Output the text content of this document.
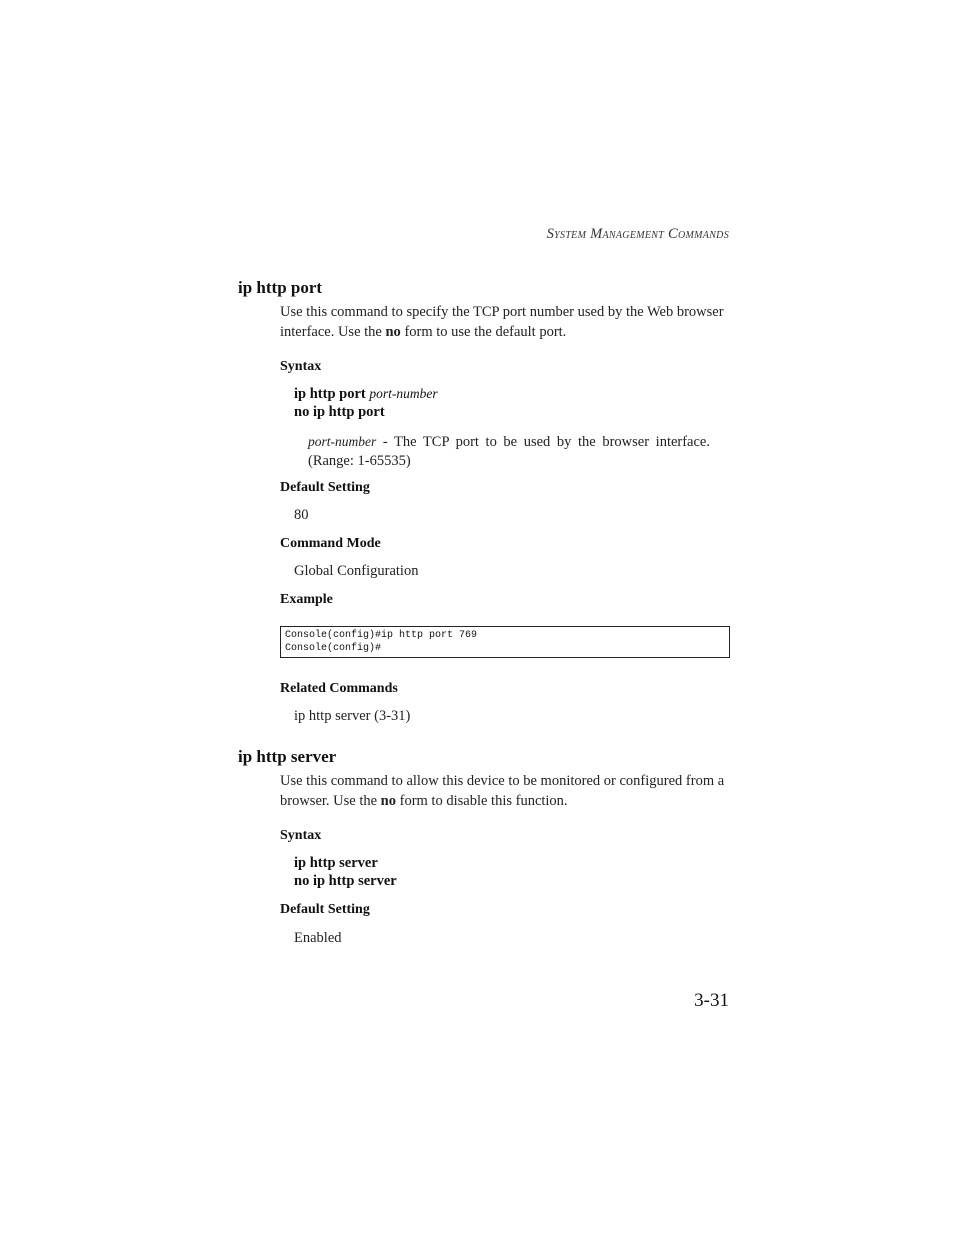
System Management Commands
ip http port
Use this command to specify the TCP port number used by the Web browser interface. Use the no form to use the default port.
Syntax
ip http port port-number
no ip http port
port-number - The TCP port to be used by the browser interface. (Range: 1-65535)
Default Setting
80
Command Mode
Global Configuration
Example
Console(config)#ip http port 769
Console(config)#
Related Commands
ip http server (3-31)
ip http server
Use this command to allow this device to be monitored or configured from a browser. Use the no form to disable this function.
Syntax
ip http server
no ip http server
Default Setting
Enabled
3-31
